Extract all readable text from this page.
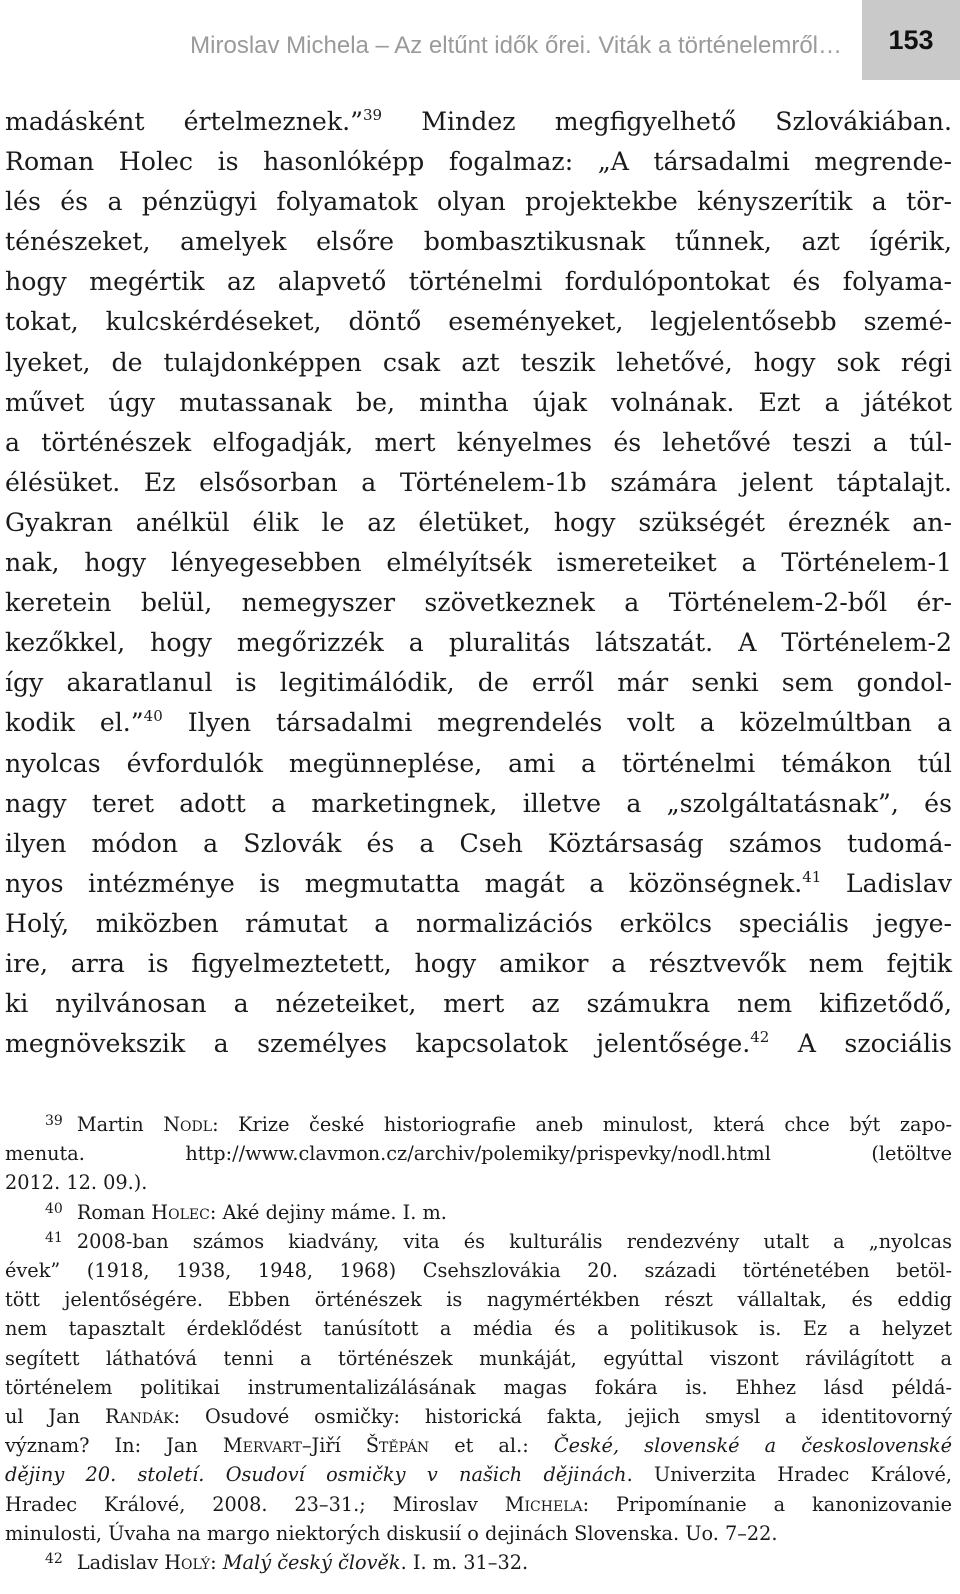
Miroslav Michela – Az eltűnt idők őrei. Viták a történelemről…	153
madásként értelmeznek.”$^{39}$ Mindez megfigyelhető Szlovákiában.
Roman Holec is hasonlóképp fogalmaz: „A társadalmi megrende-
lés és a pénzügyi folyamatok olyan projektekbe kényszerítik a tör-
ténészeket, amelyek elsőre bombasztikusnak tűnnek, azt ígérik,
hogy megértik az alapvető történelmi fordulópontokat és folyama-
tokat, kulcskérdéseket, döntő eseményeket, legjelentősebb szemé-
lyeket, de tulajdonképpen csak azt teszik lehetővé, hogy sok régi
művet úgy mutassanak be, mintha újak volnának. Ezt a játékot
a történészek elfogadják, mert kényelmes és lehetővé teszi a túl-
élésüket. Ez elsősorban a Történelem-1b számára jelent táptalajt.
Gyakran anélkül élik le az életüket, hogy szükségét éreznék an-
nak, hogy lényegesebben elmélyítsék ismereteiket a Történelem-1
keretein belül, nemegyszer szövetkeznek a Történelem-2-ből ér-
kezőkkel, hogy megőrizzék a pluralitás látszatát. A Történelem-2
így akaratlanul is legitimálódik, de erről már senki sem gondol-
kodik el.”$^{40}$ Ilyen társadalmi megrendelés volt a közelmúltban a
nyolcas évfordulók megünneplése, ami a történelmi témákon túl
nagy teret adott a marketingnek, illetve a „szolgáltatásnak”, és
ilyen módon a Szlovák és a Cseh Köztársaság számos tudomá-
nyos intézménye is megmutatta magát a közönségnek.$^{41}$ Ladislav
Holý, miközben rámutat a normalizációs erkölcs speciális jegye-
ire, arra is figyelmeztetett, hogy amikor a résztvevők nem fejtik
ki nyilvánosan a nézeteiket, mert az számukra nem kifizetődő,
megnövekszik a személyes kapcsolatok jelentősége.$^{42}$ A szociális
39 Martin Nodl: Krize české historiografie aneb minulost, která chce být zapo-
menuta. http://www.clavmon.cz/archiv/polemiky/prispevky/nodl.html (letöltve
2012. 12. 09.).
40 Roman Holec: Aké dejiny máme. I. m.
41 2008-ban számos kiadvány, vita és kulturális rendezvény utalt a „nyolcas
évek” (1918, 1938, 1948, 1968) Csehszlovákia 20. századi történetében betöl-
tött jelentőségére. Ebben örténészek is nagymértékben részt vállaltak, és eddig
nem tapasztalt érdeklődést tanúsított a média és a politikusok is. Ez a helyzet
segített láthatóvá tenni a történészek munkáját, egyúttal viszont rávilágított a
történelem politikai instrumentalizálásának magas fokára is. Ehhez lásd példá-
ul Jan Randák: Osudové osmičky: historická fakta, jejich smysl a identitovorný
význam? In: Jan Mervart–Jiří Štěpán et al.: České, slovenské a československé
dějiny 20. století. Osudoví osmičky v našich dějinách. Univerzita Hradec Králové,
Hradec Králové, 2008. 23–31.; Miroslav Michela: Pripomínanie a kanonizovanie
minulosti, Úvaha na margo niektorých diskusií o dejinách Slovenska. Uo. 7–22.
42 Ladislav Holý: Malý český člověk. I. m. 31–32.
